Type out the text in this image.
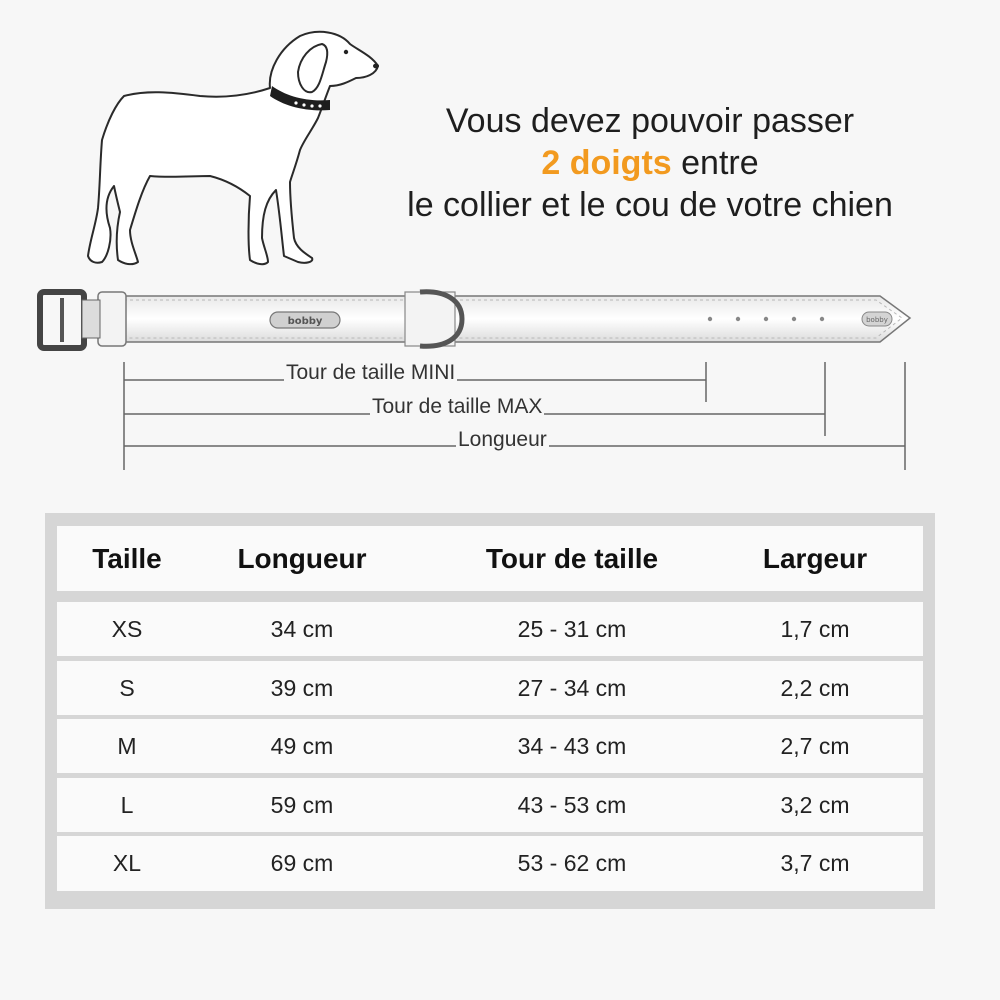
Vous devez pouvoir passer
2 doigts entre
le collier et le cou de votre chien
bobby	bobby
Tour de taille MINI
Tour de taille MAX
Longueur
Taille	Longueur	Tour de taille	Largeur
XS	34 cm	25 - 31 cm	1,7 cm
S	39 cm	27 - 34 cm	2,2 cm
M	49 cm	34 - 43 cm	2,7 cm
L	59 cm	43 - 53 cm	3,2 cm
XL	69 cm	53 - 62 cm	3,7 cm
